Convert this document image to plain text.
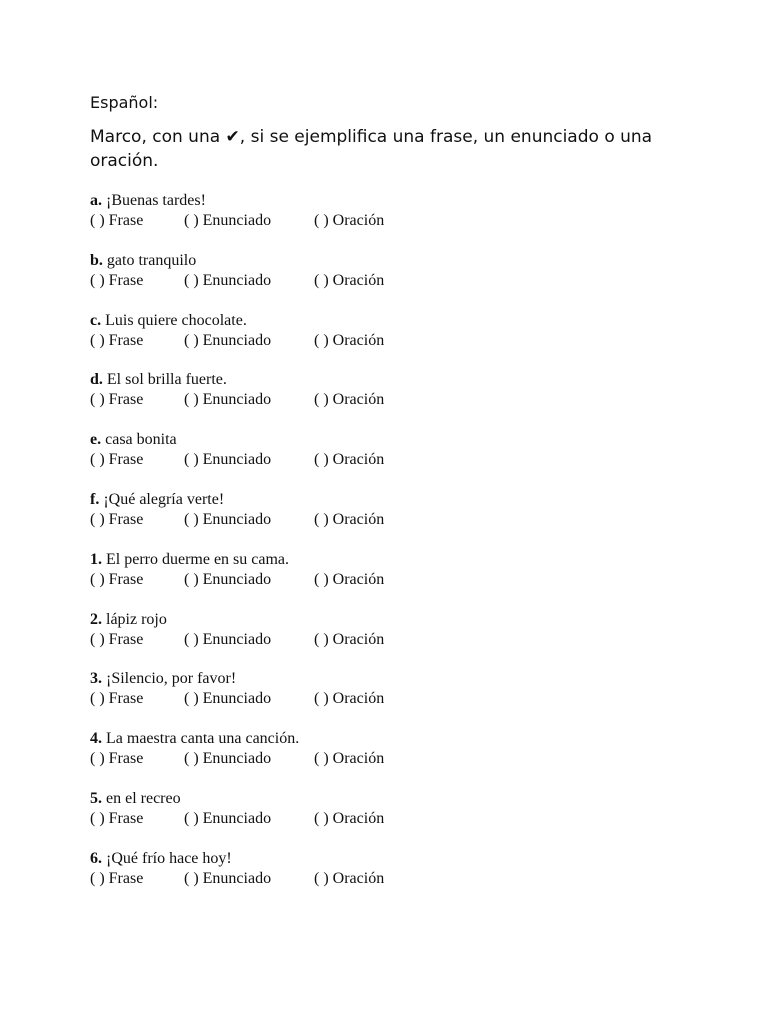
Español:
Marco, con una ✔, si se ejemplifica una frase, un enunciado o una oración.
a. ¡Buenas tardes!
( ) Frase	( ) Enunciado	( ) Oración
b. gato tranquilo
( ) Frase	( ) Enunciado	( ) Oración
c. Luis quiere chocolate.
( ) Frase	( ) Enunciado	( ) Oración
d. El sol brilla fuerte.
( ) Frase	( ) Enunciado	( ) Oración
e. casa bonita
( ) Frase	( ) Enunciado	( ) Oración
f. ¡Qué alegría verte!
( ) Frase	( ) Enunciado	( ) Oración
1. El perro duerme en su cama.
( ) Frase	( ) Enunciado	( ) Oración
2. lápiz rojo
( ) Frase	( ) Enunciado	( ) Oración
3. ¡Silencio, por favor!
( ) Frase	( ) Enunciado	( ) Oración
4. La maestra canta una canción.
( ) Frase	( ) Enunciado	( ) Oración
5. en el recreo
( ) Frase	( ) Enunciado	( ) Oración
6. ¡Qué frío hace hoy!
( ) Frase	( ) Enunciado	( ) Oración
